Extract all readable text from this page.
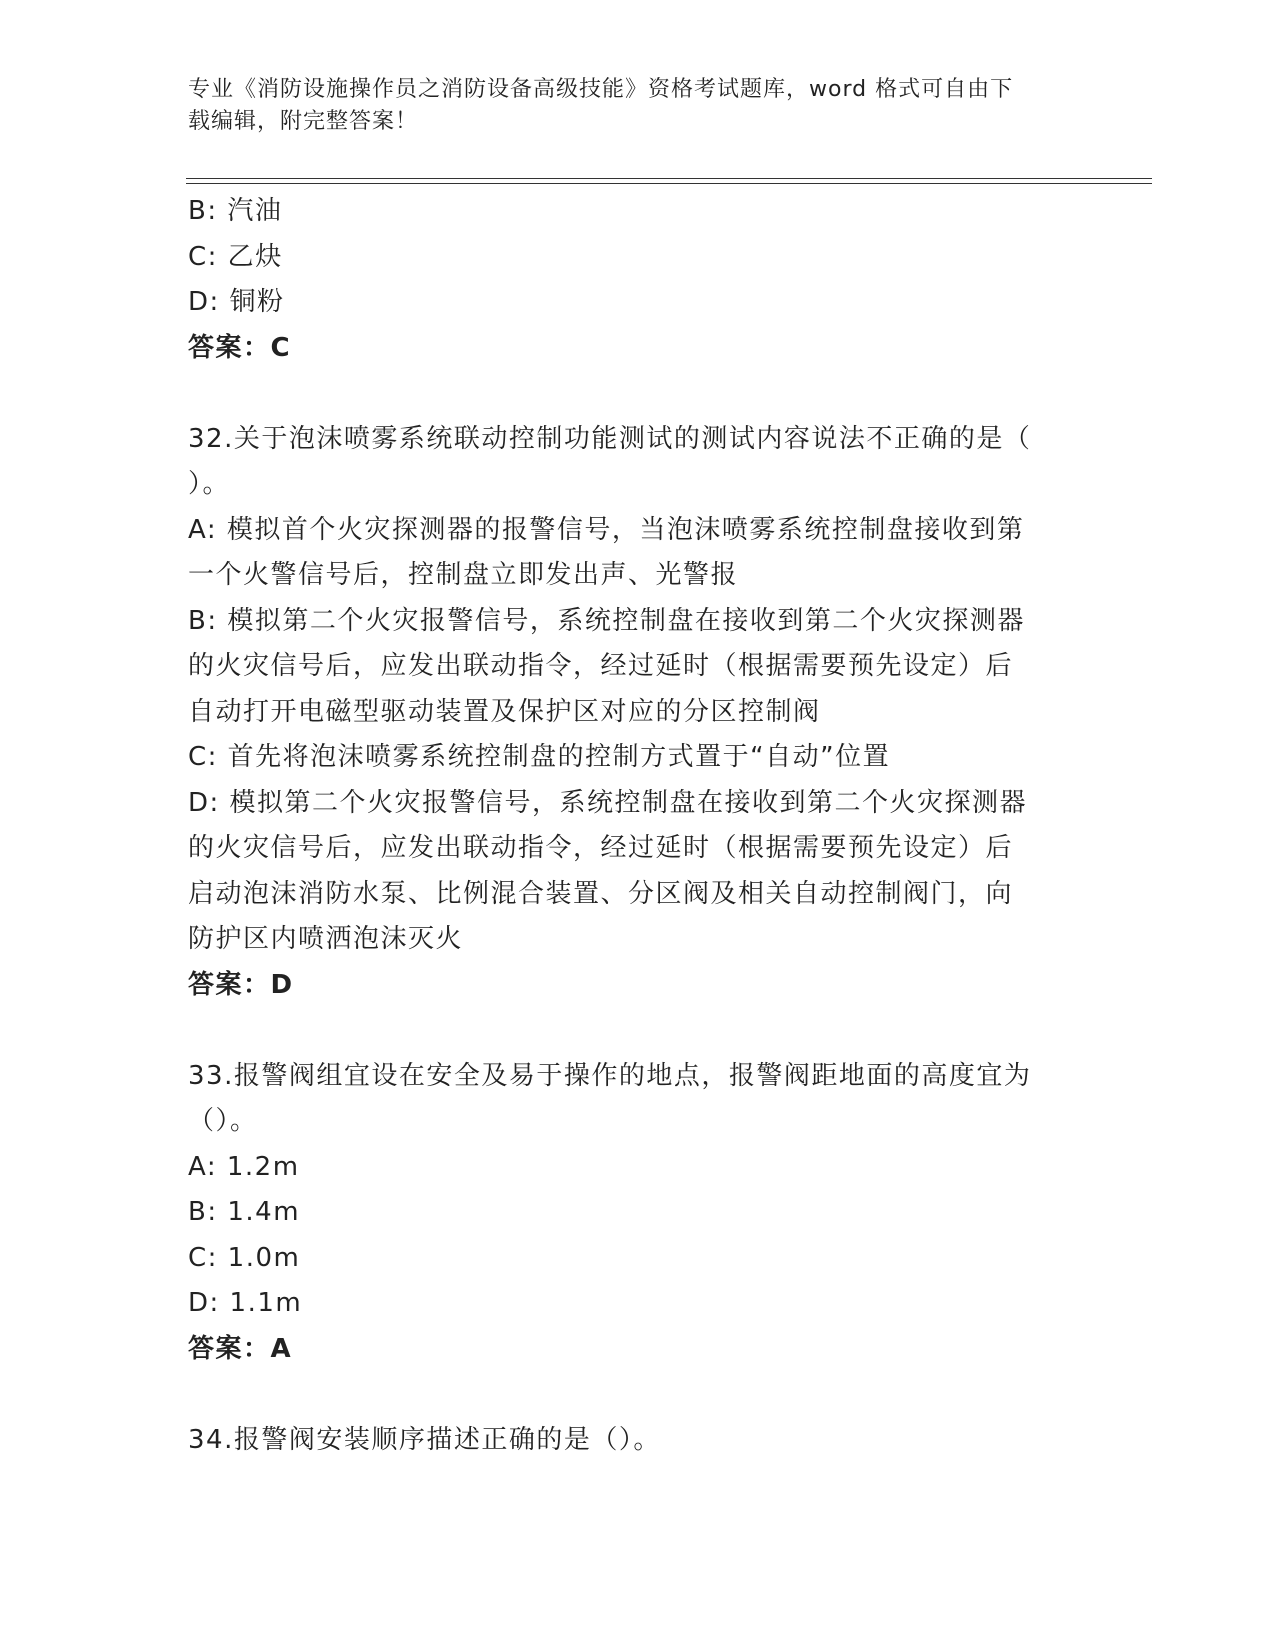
专业《消防设施操作员之消防设备高级技能》资格考试题库，word 格式可自由下
载编辑，附完整答案！
B: 汽油
C: 乙炔
D: 铜粉
答案：C
32.关于泡沫喷雾系统联动控制功能测试的测试内容说法不正确的是（
）。
A: 模拟首个火灾探测器的报警信号，当泡沫喷雾系统控制盘接收到第
一个火警信号后，控制盘立即发出声、光警报
B: 模拟第二个火灾报警信号，系统控制盘在接收到第二个火灾探测器
的火灾信号后，应发出联动指令，经过延时（根据需要预先设定）后
自动打开电磁型驱动装置及保护区对应的分区控制阀
C: 首先将泡沫喷雾系统控制盘的控制方式置于“自动”位置
D: 模拟第二个火灾报警信号，系统控制盘在接收到第二个火灾探测器
的火灾信号后，应发出联动指令，经过延时（根据需要预先设定）后
启动泡沫消防水泵、比例混合装置、分区阀及相关自动控制阀门，向
防护区内喷洒泡沫灭火
答案：D
33.报警阀组宜设在安全及易于操作的地点，报警阀距地面的高度宜为
（）。
A: 1.2m
B: 1.4m
C: 1.0m
D: 1.1m
答案：A
34.报警阀安装顺序描述正确的是（）。
